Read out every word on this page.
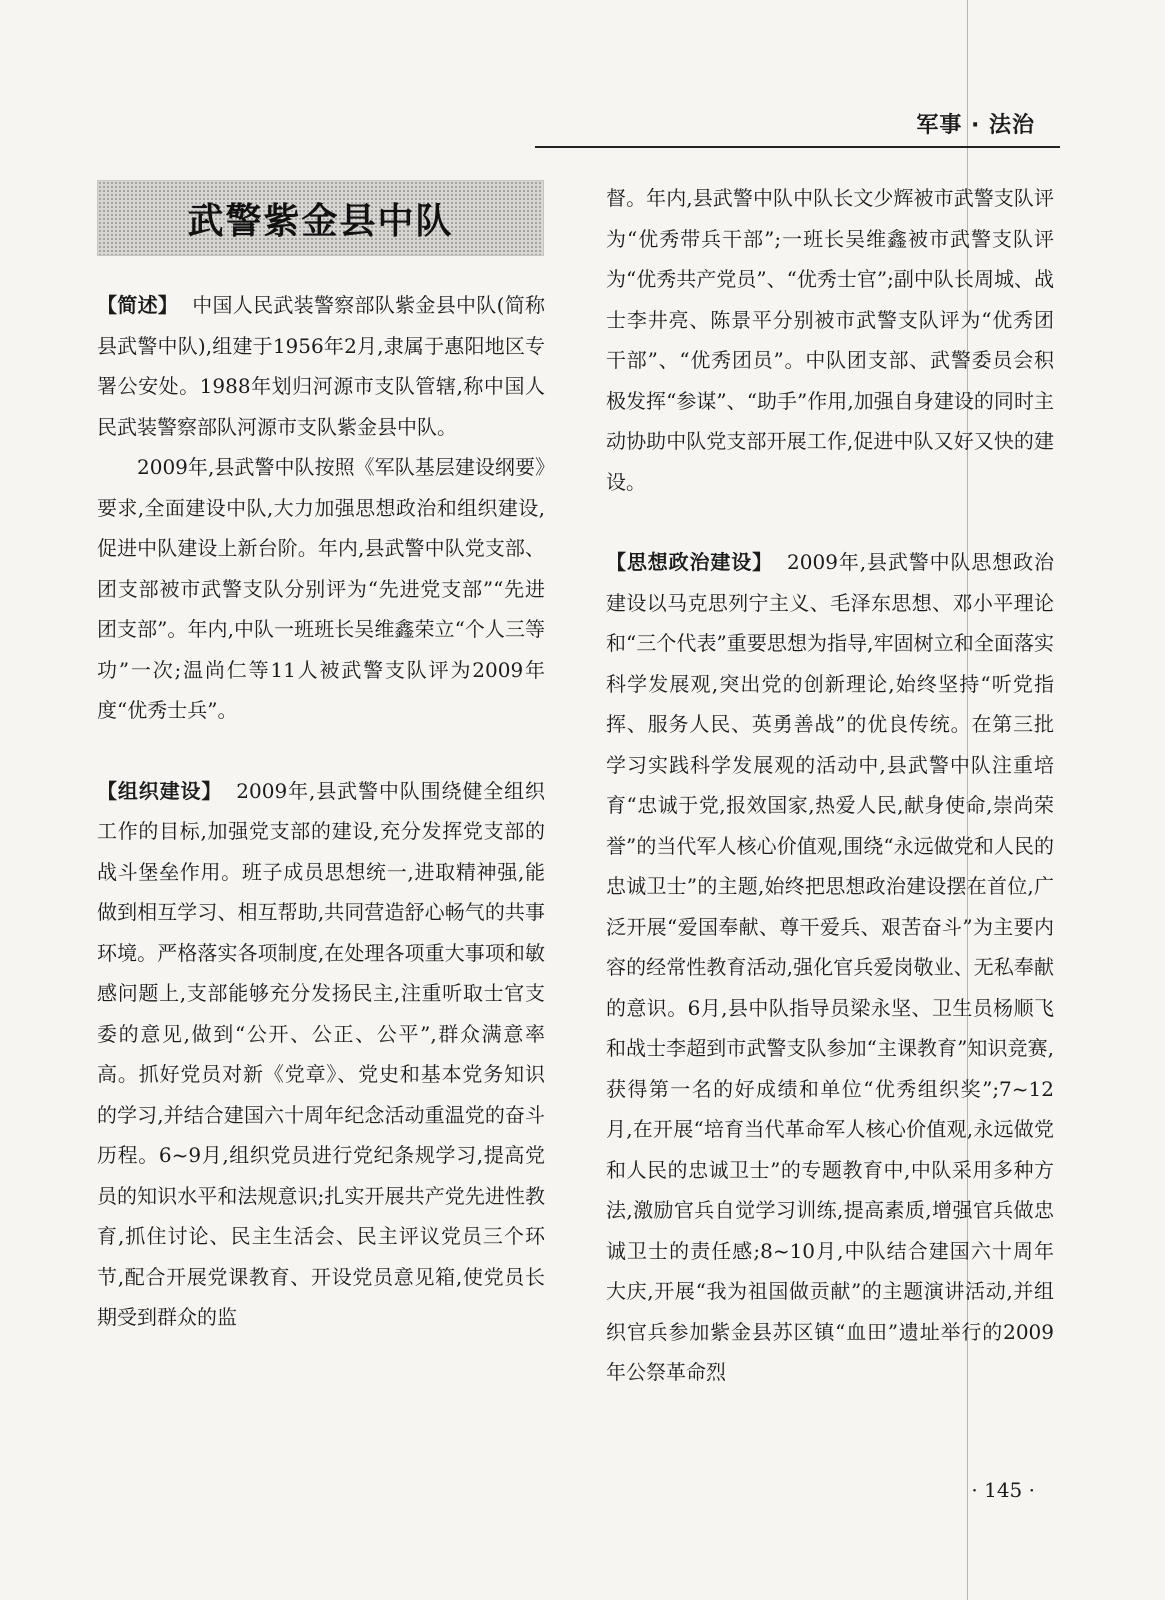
军事 · 法治
武警紫金县中队

【简述】 中国人民武装警察部队紫金县中队(简称县武警中队),组建于1956年2月,隶属于惠阳地区专署公安处。1988年划归河源市支队管辖,称中国人民武装警察部队河源市支队紫金县中队。

2009年,县武警中队按照《军队基层建设纲要》要求,全面建设中队,大力加强思想政治和组织建设,促进中队建设上新台阶。年内,县武警中队党支部、团支部被市武警支队分别评为“先进党支部”“先进团支部”。年内,中队一班班长吴维鑫荣立“个人三等功”一次;温尚仁等11人被武警支队评为2009年度“优秀士兵”。

【组织建设】 2009年,县武警中队围绕健全组织工作的目标,加强党支部的建设,充分发挥党支部的战斗堡垒作用。班子成员思想统一,进取精神强,能做到相互学习、相互帮助,共同营造舒心畅气的共事环境。严格落实各项制度,在处理各项重大事项和敏感问题上,支部能够充分发扬民主,注重听取士官支委的意见,做到“公开、公正、公平”,群众满意率高。抓好党员对新《党章》、党史和基本党务知识的学习,并结合建国六十周年纪念活动重温党的奋斗历程。6~9月,组织党员进行党纪条规学习,提高党员的知识水平和法规意识;扎实开展共产党先进性教育,抓住讨论、民主生活会、民主评议党员三个环节,配合开展党课教育、开设党员意见箱,使党员长期受到群众的监

督。年内,县武警中队中队长文少辉被市武警支队评为“优秀带兵干部”;一班长吴维鑫被市武警支队评为“优秀共产党员”、“优秀士官”;副中队长周城、战士李井亮、陈景平分别被市武警支队评为“优秀团干部”、“优秀团员”。中队团支部、武警委员会积极发挥“参谋”、“助手”作用,加强自身建设的同时主动协助中队党支部开展工作,促进中队又好又快的建设。

【思想政治建设】 2009年,县武警中队思想政治建设以马克思列宁主义、毛泽东思想、邓小平理论和“三个代表”重要思想为指导,牢固树立和全面落实科学发展观,突出党的创新理论,始终坚持“听党指挥、服务人民、英勇善战”的优良传统。在第三批学习实践科学发展观的活动中,县武警中队注重培育“忠诚于党,报效国家,热爱人民,献身使命,崇尚荣誉”的当代军人核心价值观,围绕“永远做党和人民的忠诚卫士”的主题,始终把思想政治建设摆在首位,广泛开展“爱国奉献、尊干爱兵、艰苦奋斗”为主要内容的经常性教育活动,强化官兵爱岗敬业、无私奉献的意识。6月,县中队指导员梁永坚、卫生员杨顺飞和战士李超到市武警支队参加“主课教育”知识竞赛,获得第一名的好成绩和单位“优秀组织奖”;7~12月,在开展“培育当代革命军人核心价值观,永远做党和人民的忠诚卫士”的专题教育中,中队采用多种方法,激励官兵自觉学习训练,提高素质,增强官兵做忠诚卫士的责任感;8~10月,中队结合建国六十周年大庆,开展“我为祖国做贡献”的主题演讲活动,并组织官兵参加紫金县苏区镇“血田”遗址举行的2009年公祭革命烈

· 145 ·
